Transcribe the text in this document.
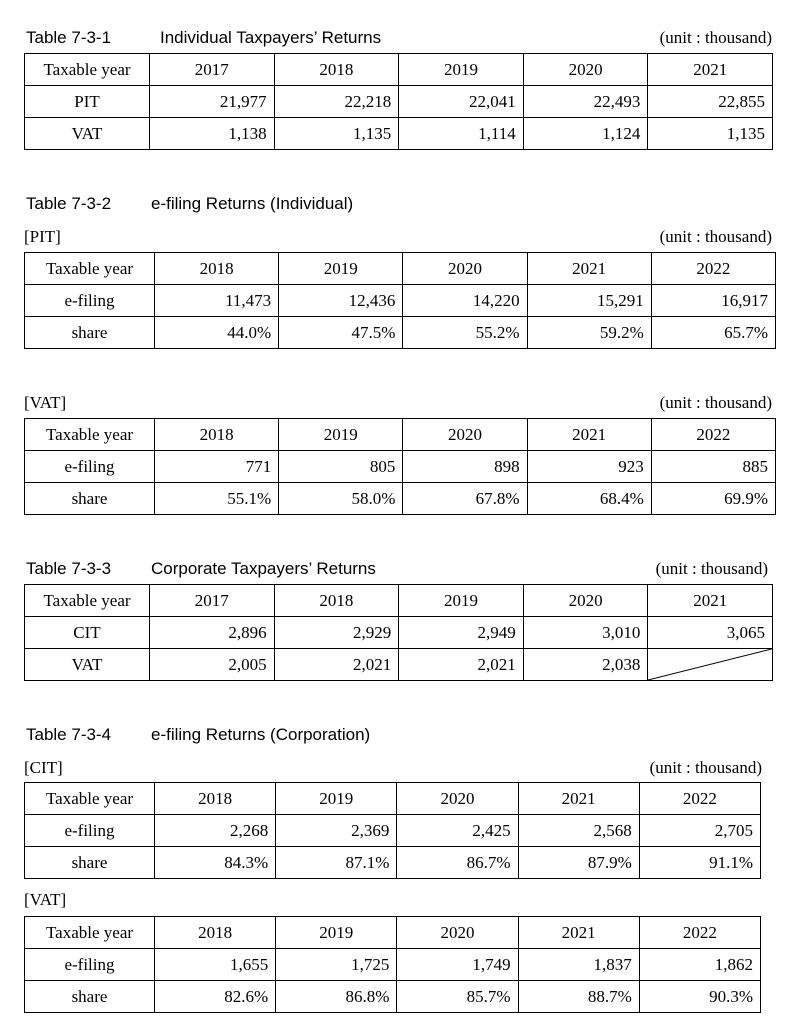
Table 7-3-1	Individual Taxpayers’ Returns	(unit : thousand)
Taxable year	2017	2018	2019	2020	2021
PIT	21,977	22,218	22,041	22,493	22,855
VAT	1,138	1,135	1,114	1,124	1,135
Table 7-3-2 e-filing Returns (Individual)
[PIT]	(unit : thousand)
Taxable year	2018	2019	2020	2021	2022
e-filing	11,473	12,436	14,220	15,291	16,917
share	44.0%	47.5%	55.2%	59.2%	65.7%
[VAT]	(unit : thousand)
Taxable year	2018	2019	2020	2021	2022
e-filing	771	805	898	923	885
share	55.1%	58.0%	67.8%	68.4%	69.9%
Table 7-3-3 Corporate Taxpayers’ Returns	(unit : thousand)
Taxable year	2017	2018	2019	2020	2021
CIT	2,896	2,929	2,949	3,010	3,065
VAT	2,005	2,021	2,021	2,038	
Table 7-3-4 e-filing Returns (Corporation)
[CIT]	(unit : thousand)
Taxable year	2018	2019	2020	2021	2022
e-filing	2,268	2,369	2,425	2,568	2,705
share	84.3%	87.1%	86.7%	87.9%	91.1%
[VAT]
Taxable year	2018	2019	2020	2021	2022
e-filing	1,655	1,725	1,749	1,837	1,862
share	82.6%	86.8%	85.7%	88.7%	90.3%
